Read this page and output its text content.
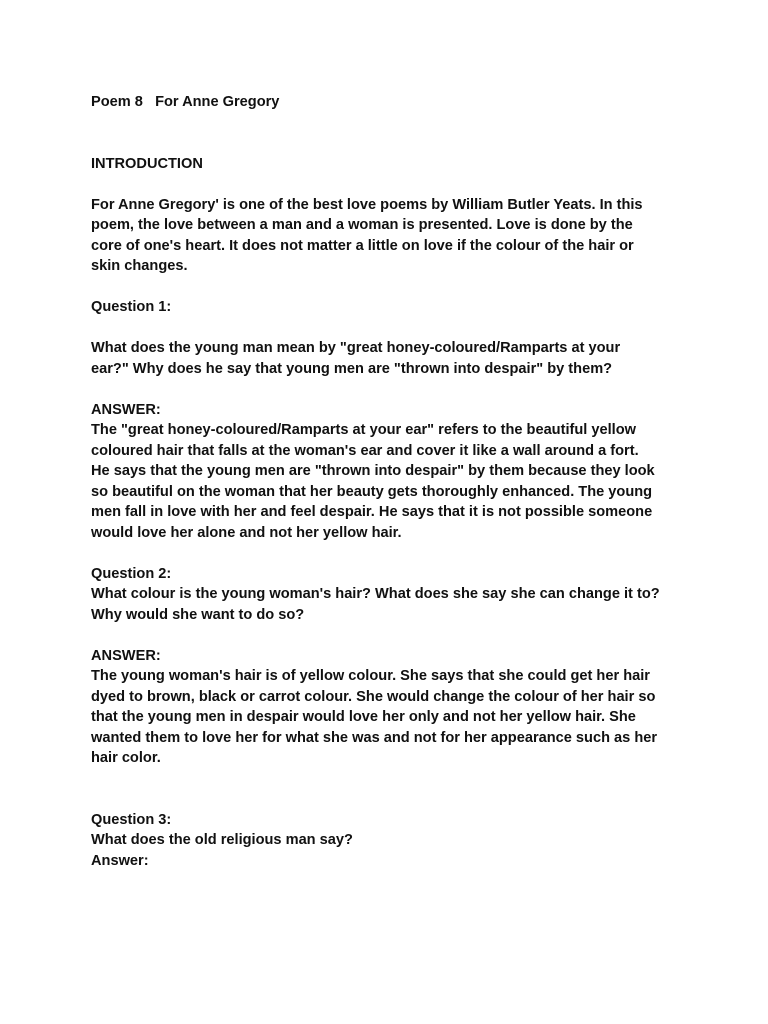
Poem 8   For Anne Gregory
INTRODUCTION
For Anne Gregory' is one of the best love poems by William Butler Yeats. In this
poem, the love between a man and a woman is presented. Love is done by the
core of one's heart. It does not matter a little on love if the colour of the hair or
skin changes.
Question 1:
What does the young man mean by "great honey-coloured/Ramparts at your
ear?" Why does he say that young men are "thrown into despair" by them?
ANSWER:
The "great honey-coloured/Ramparts at your ear" refers to the beautiful yellow
coloured hair that falls at the woman's ear and cover it like a wall around a fort.
He says that the young men are "thrown into despair" by them because they look
so beautiful on the woman that her beauty gets thoroughly enhanced. The young
men fall in love with her and feel despair. He says that it is not possible someone
would love her alone and not her yellow hair.
Question 2:
What colour is the young woman's hair? What does she say she can change it to?
Why would she want to do so?
ANSWER:
The young woman's hair is of yellow colour. She says that she could get her hair
dyed to brown, black or carrot colour. She would change the colour of her hair so
that the young men in despair would love her only and not her yellow hair. She
wanted them to love her for what she was and not for her appearance such as her
hair color.
Question 3:
What does the old religious man say?
Answer:
